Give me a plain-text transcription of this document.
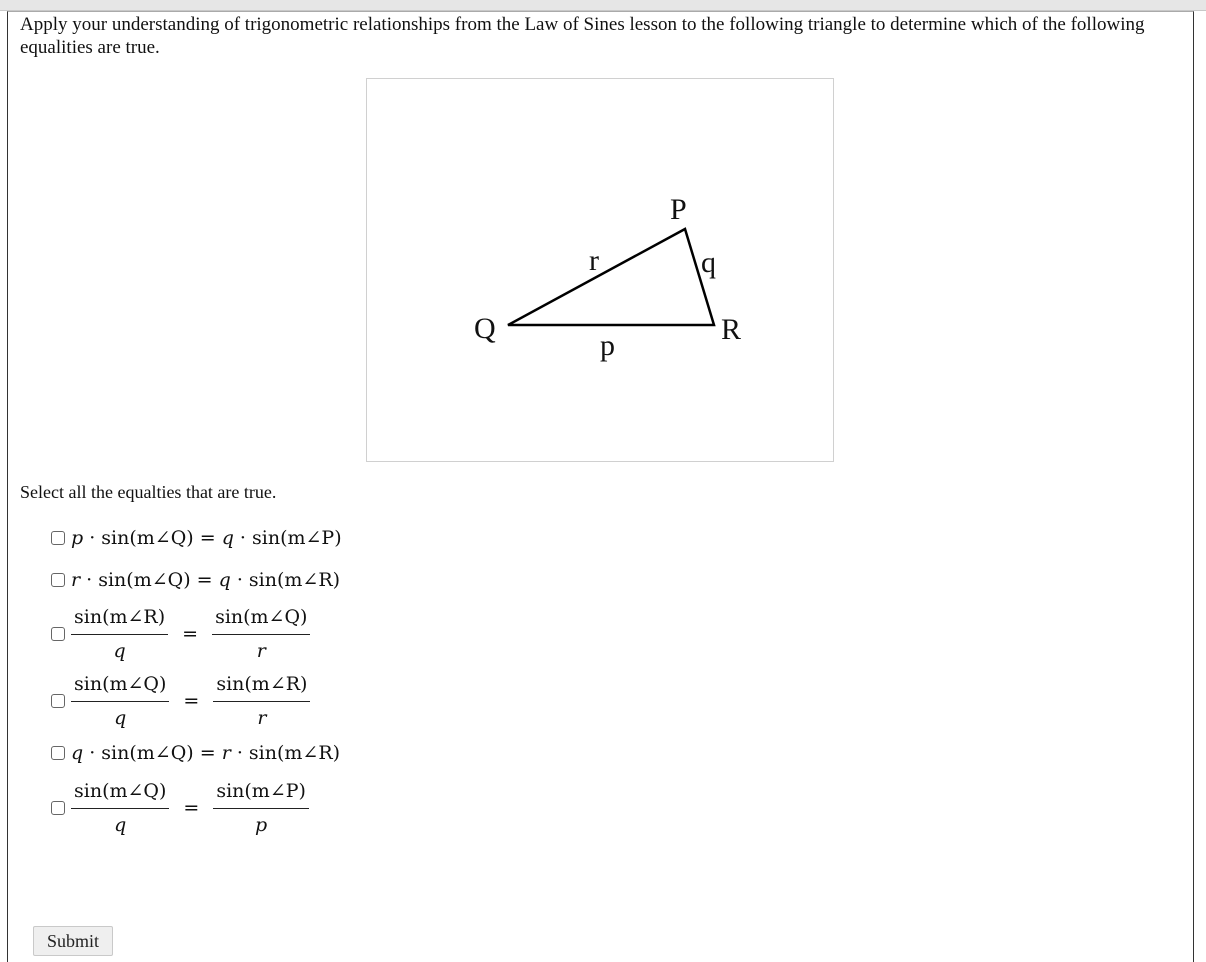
Apply your understanding of trigonometric relationships from the Law of Sines lesson to the following triangle to determine which of the following equalities are true.

P
Q	R
r	q
p
Select all the equalties that are true.
p · sin(m∠Q) = q · sin(m∠P)
r · sin(m∠Q) = q · sin(m∠R)
$\frac{\sin(m\angle R)}{q} = \frac{\sin(m\angle Q)}{r}$
$\frac{\sin(m\angle Q)}{q} = \frac{\sin(m\angle R)}{r}$
q · sin(m∠Q) = r · sin(m∠R)
$\frac{\sin(m\angle Q)}{q} = \frac{\sin(m\angle P)}{p}$
Submit
